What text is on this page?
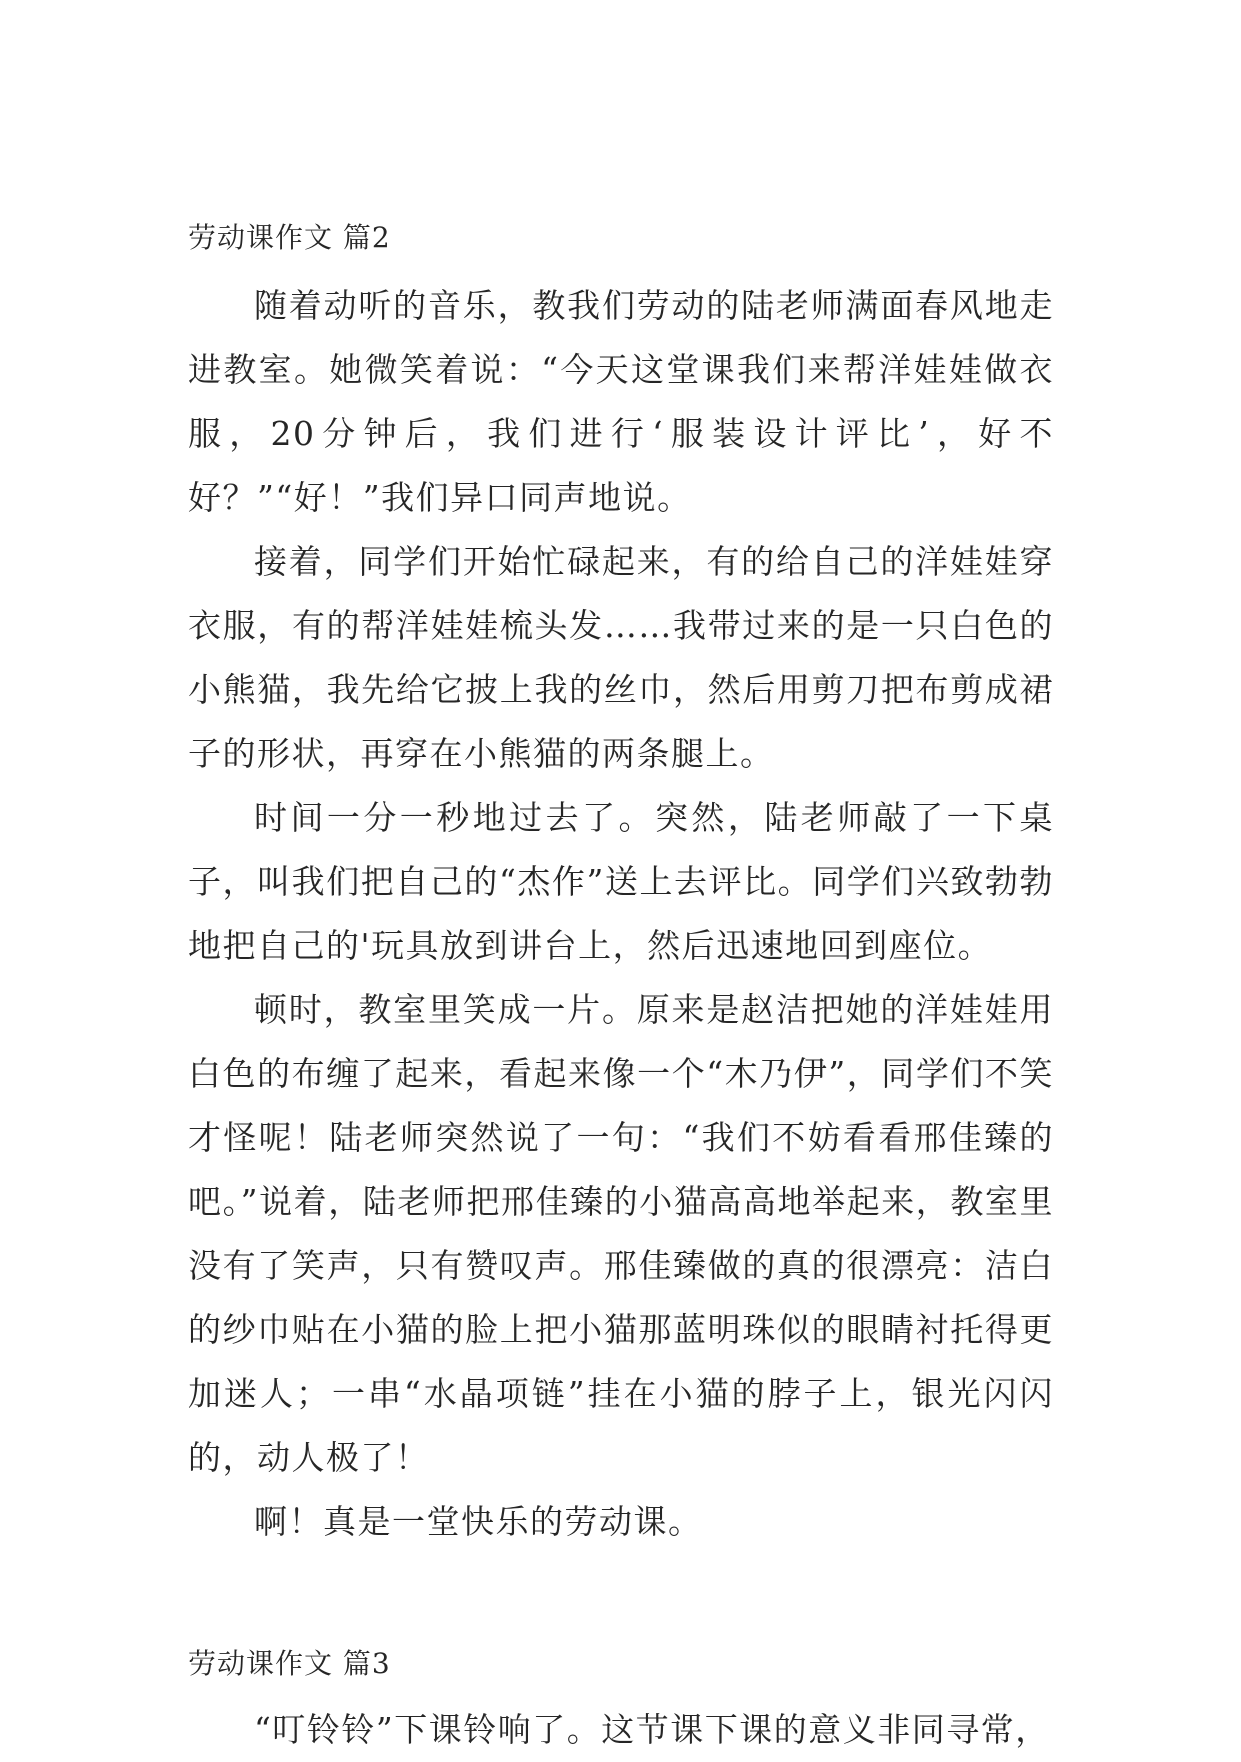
劳动课作文 篇2

随着动听的音乐，教我们劳动的陆老师满面春风地走进教室。她微笑着说：“今天这堂课我们来帮洋娃娃做衣服，20分钟后，我们进行‘服装设计评比’，好不好？”“好！”我们异口同声地说。

接着，同学们开始忙碌起来，有的给自己的洋娃娃穿衣服，有的帮洋娃娃梳头发……我带过来的是一只白色的小熊猫，我先给它披上我的丝巾，然后用剪刀把布剪成裙子的形状，再穿在小熊猫的两条腿上。

时间一分一秒地过去了。突然，陆老师敲了一下桌子，叫我们把自己的“杰作”送上去评比。同学们兴致勃勃地把自己的'玩具放到讲台上，然后迅速地回到座位。

顿时，教室里笑成一片。原来是赵洁把她的洋娃娃用白色的布缠了起来，看起来像一个“木乃伊”，同学们不笑才怪呢！陆老师突然说了一句：“我们不妨看看邢佳臻的吧。”说着，陆老师把邢佳臻的小猫高高地举起来，教室里没有了笑声，只有赞叹声。邢佳臻做的真的很漂亮：洁白的纱巾贴在小猫的脸上把小猫那蓝明珠似的眼睛衬托得更加迷人；一串“水晶项链”挂在小猫的脖子上，银光闪闪的，动人极了！

啊！真是一堂快乐的劳动课。

劳动课作文 篇3

“叮铃铃”下课铃响了。这节课下课的意义非同寻常，
